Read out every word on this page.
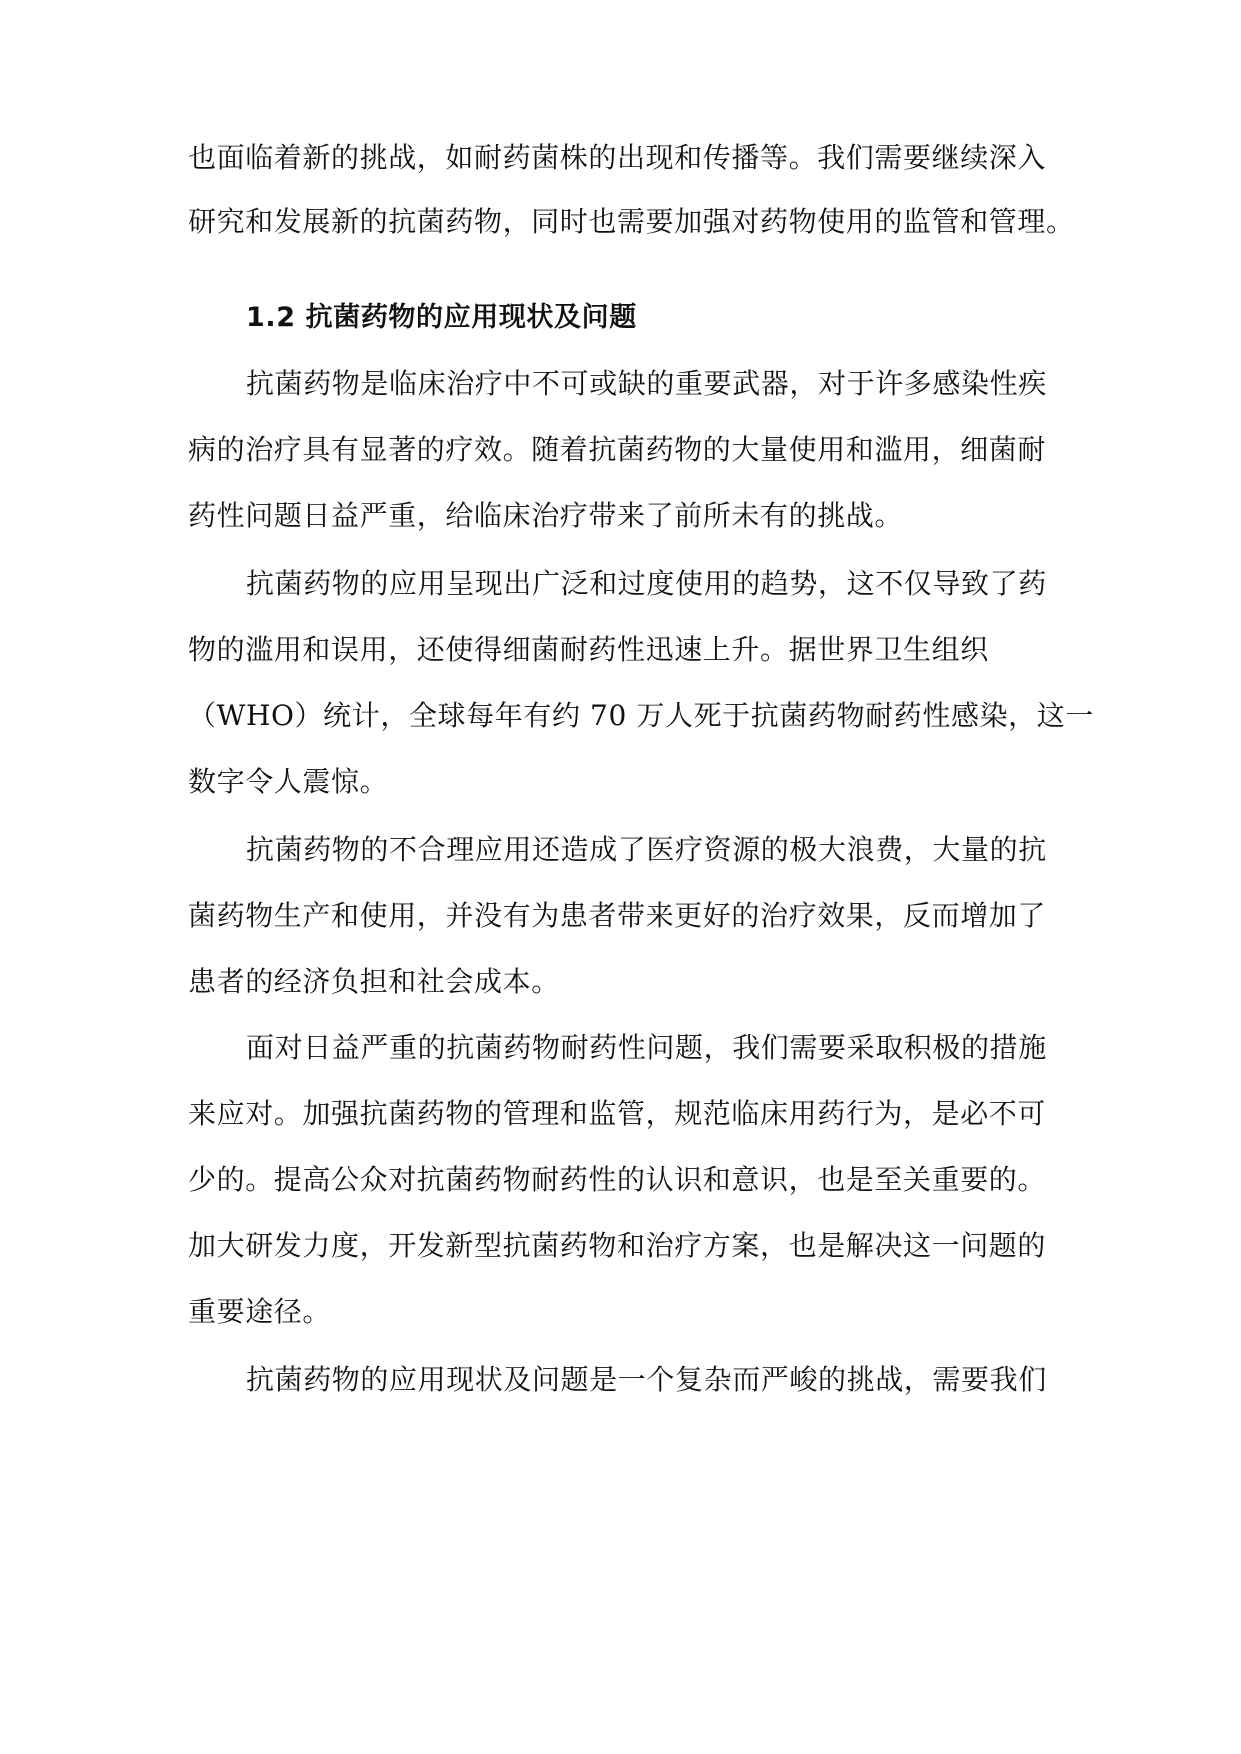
也面临着新的挑战，如耐药菌株的出现和传播等。我们需要继续深入
研究和发展新的抗菌药物，同时也需要加强对药物使用的监管和管理。
1.2 抗菌药物的应用现状及问题
抗菌药物是临床治疗中不可或缺的重要武器，对于许多感染性疾
病的治疗具有显著的疗效。随着抗菌药物的大量使用和滥用，细菌耐
药性问题日益严重，给临床治疗带来了前所未有的挑战。
抗菌药物的应用呈现出广泛和过度使用的趋势，这不仅导致了药
物的滥用和误用，还使得细菌耐药性迅速上升。据世界卫生组织
（WHO）统计，全球每年有约 70 万人死于抗菌药物耐药性感染，这一
数字令人震惊。
抗菌药物的不合理应用还造成了医疗资源的极大浪费，大量的抗
菌药物生产和使用，并没有为患者带来更好的治疗效果，反而增加了
患者的经济负担和社会成本。
面对日益严重的抗菌药物耐药性问题，我们需要采取积极的措施
来应对。加强抗菌药物的管理和监管，规范临床用药行为，是必不可
少的。提高公众对抗菌药物耐药性的认识和意识，也是至关重要的。
加大研发力度，开发新型抗菌药物和治疗方案，也是解决这一问题的
重要途径。
抗菌药物的应用现状及问题是一个复杂而严峻的挑战，需要我们
